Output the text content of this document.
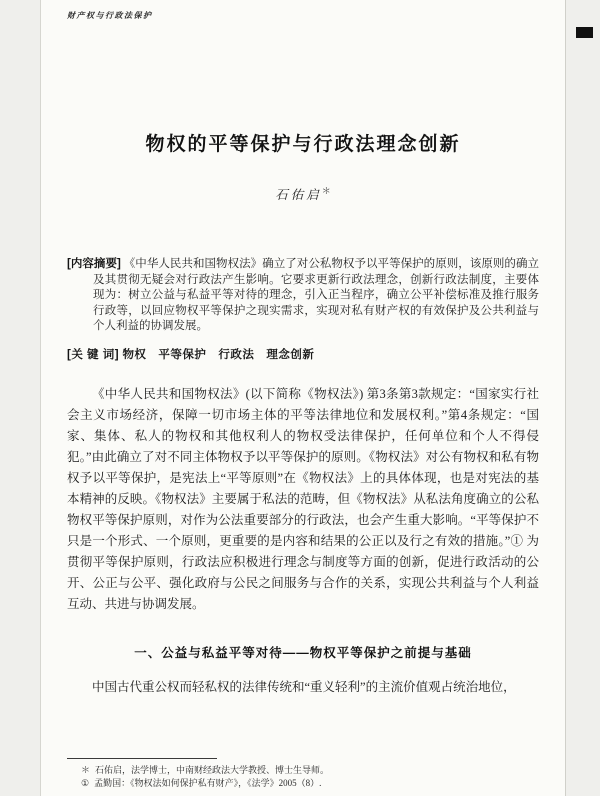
财产权与行政法保护
物权的平等保护与行政法理念创新
石佑启＊
[内容摘要] 《中华人民共和国物权法》确立了对公私物权予以平等保护的原则，该原则的确立及其贯彻无疑会对行政法产生影响。它要求更新行政法理念，创新行政法制度，主要体现为：树立公益与私益平等对待的理念，引入正当程序，确立公平补偿标准及推行服务行政等，以回应物权平等保护之现实需求，实现对私有财产权的有效保护及公共利益与个人利益的协调发展。
[关 键 词] 物权　平等保护　行政法　理念创新

《中华人民共和国物权法》(以下简称《物权法》) 第3条第3款规定：“国家实行社会主义市场经济，保障一切市场主体的平等法律地位和发展权利。”第4条规定：“国家、集体、私人的物权和其他权利人的物权受法律保护，任何单位和个人不得侵犯。”由此确立了对不同主体物权予以平等保护的原则。《物权法》对公有物权和私有物权予以平等保护，是宪法上“平等原则”在《物权法》上的具体体现，也是对宪法的基本精神的反映。《物权法》主要属于私法的范畴，但《物权法》从私法角度确立的公私物权平等保护原则，对作为公法重要部分的行政法，也会产生重大影响。“平等保护不只是一个形式、一个原则，更重要的是内容和结果的公正以及行之有效的措施。”① 为贯彻平等保护原则，行政法应积极进行理念与制度等方面的创新，促进行政活动的公开、公正与公平、强化政府与公民之间服务与合作的关系，实现公共利益与个人利益互动、共进与协调发展。

一、公益与私益平等对待——物权平等保护之前提与基础

中国古代重公权而轻私权的法律传统和“重义轻利”的主流价值观占统治地位，

＊ 石佑启，法学博士，中南财经政法大学教授、博士生导师。
① 孟勤国：《物权法如何保护私有财产》，《法学》2005（8）.
